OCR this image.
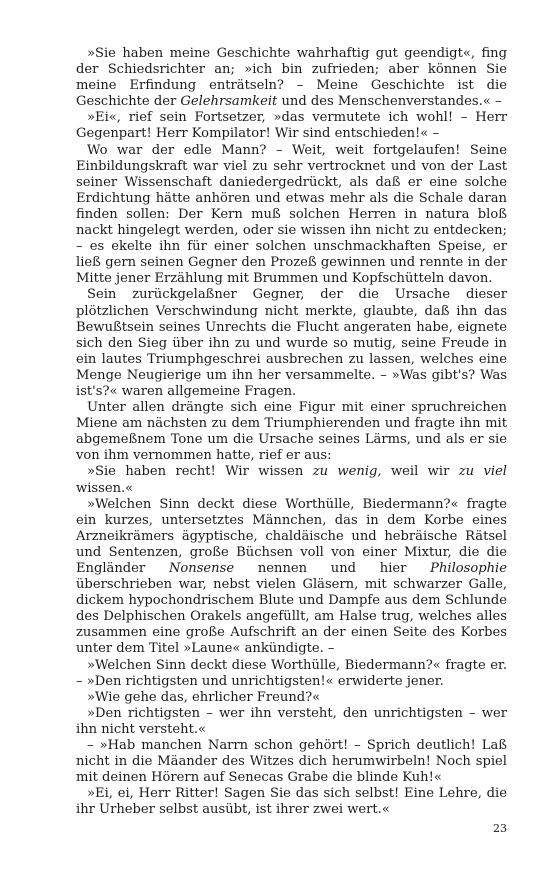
»Sie haben meine Geschichte wahrhaftig gut geendigt«, fing der Schiedsrichter an; »ich bin zufrieden; aber können Sie meine Erfindung enträtseln? – Meine Geschichte ist die Geschichte der Gelehrsamkeit und des Menschenverstandes.« –

»Ei«, rief sein Fortsetzer, »das vermutete ich wohl! – Herr Gegenpart! Herr Kompilator! Wir sind entschieden!« –

Wo war der edle Mann? – Weit, weit fortgelaufen! Seine Einbildungskraft war viel zu sehr vertrocknet und von der Last seiner Wissenschaft daniedergedrückt, als daß er eine solche Erdichtung hätte anhören und etwas mehr als die Schale daran finden sollen: Der Kern muß solchen Herren in natura bloß nackt hingelegt werden, oder sie wissen ihn nicht zu entdecken; – es ekelte ihn für einer solchen unschmackhaften Speise, er ließ gern seinen Gegner den Prozeß gewinnen und rennte in der Mitte jener Erzählung mit Brummen und Kopfschütteln davon.

Sein zurückgelaßner Gegner, der die Ursache dieser plötzlichen Verschwindung nicht merkte, glaubte, daß ihn das Bewußtsein seines Unrechts die Flucht angeraten habe, eignete sich den Sieg über ihn zu und wurde so mutig, seine Freude in ein lautes Triumphgeschrei ausbrechen zu lassen, welches eine Menge Neugierige um ihn her versammelte. – »Was gibt's? Was ist's?« waren allgemeine Fragen.

Unter allen drängte sich eine Figur mit einer spruchreichen Miene am nächsten zu dem Triumphierenden und fragte ihn mit abgemeßnem Tone um die Ursache seines Lärms, und als er sie von ihm vernommen hatte, rief er aus:

»Sie haben recht! Wir wissen zu wenig, weil wir zu viel wissen.«

»Welchen Sinn deckt diese Worthülle, Biedermann?« fragte ein kurzes, untersetztes Männchen, das in dem Korbe eines Arzneikrämers ägyptische, chaldäische und hebräische Rätsel und Sentenzen, große Büchsen voll von einer Mixtur, die die Engländer Nonsense nennen und hier Philosophie überschrieben war, nebst vielen Gläsern, mit schwarzer Galle, dickem hypochondrischem Blute und Dampfe aus dem Schlunde des Delphischen Orakels angefüllt, am Halse trug, welches alles zusammen eine große Aufschrift an der einen Seite des Korbes unter dem Titel »Laune« ankündigte. –

»Welchen Sinn deckt diese Worthülle, Biedermann?« fragte er. – »Den richtigsten und unrichtigsten!« erwiderte jener.

»Wie gehe das, ehrlicher Freund?«

»Den richtigsten – wer ihn versteht, den unrichtigsten – wer ihn nicht versteht.«

– »Hab manchen Narrn schon gehört! – Sprich deutlich! Laß nicht in die Mäander des Witzes dich herumwirbeln! Noch spiel mit deinen Hörern auf Senecas Grabe die blinde Kuh!«

»Ei, ei, Herr Ritter! Sagen Sie das sich selbst! Eine Lehre, die ihr Urheber selbst ausübt, ist ihrer zwei wert.«

23
